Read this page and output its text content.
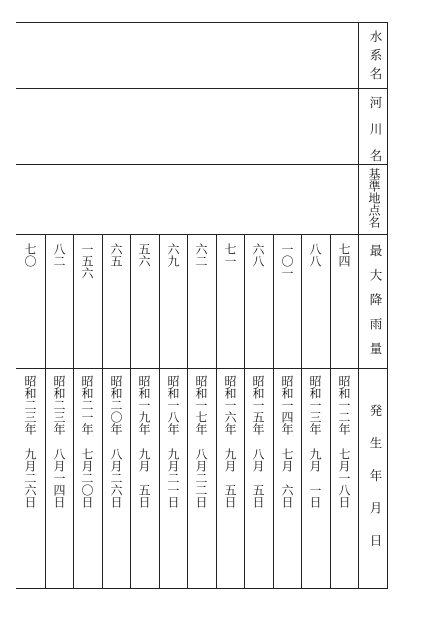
水系名
河川名
基準地点名
最大降雨量
発生年月日
七四
昭和一二年
七月一八日
八八
昭和一三年
九月　一日
一〇一
昭和一四年
七月　六日
六八
昭和一五年
八月　五日
七一
昭和一六年
九月　五日
六二
昭和一七年
八月二二日
六九
昭和一八年
九月二一日
五六
昭和一九年
九月　五日
六五
昭和二〇年
八月二六日
一五六
昭和二一年
七月二〇日
八二
昭和二三年
八月一四日
七〇
昭和二三年
九月二六日
